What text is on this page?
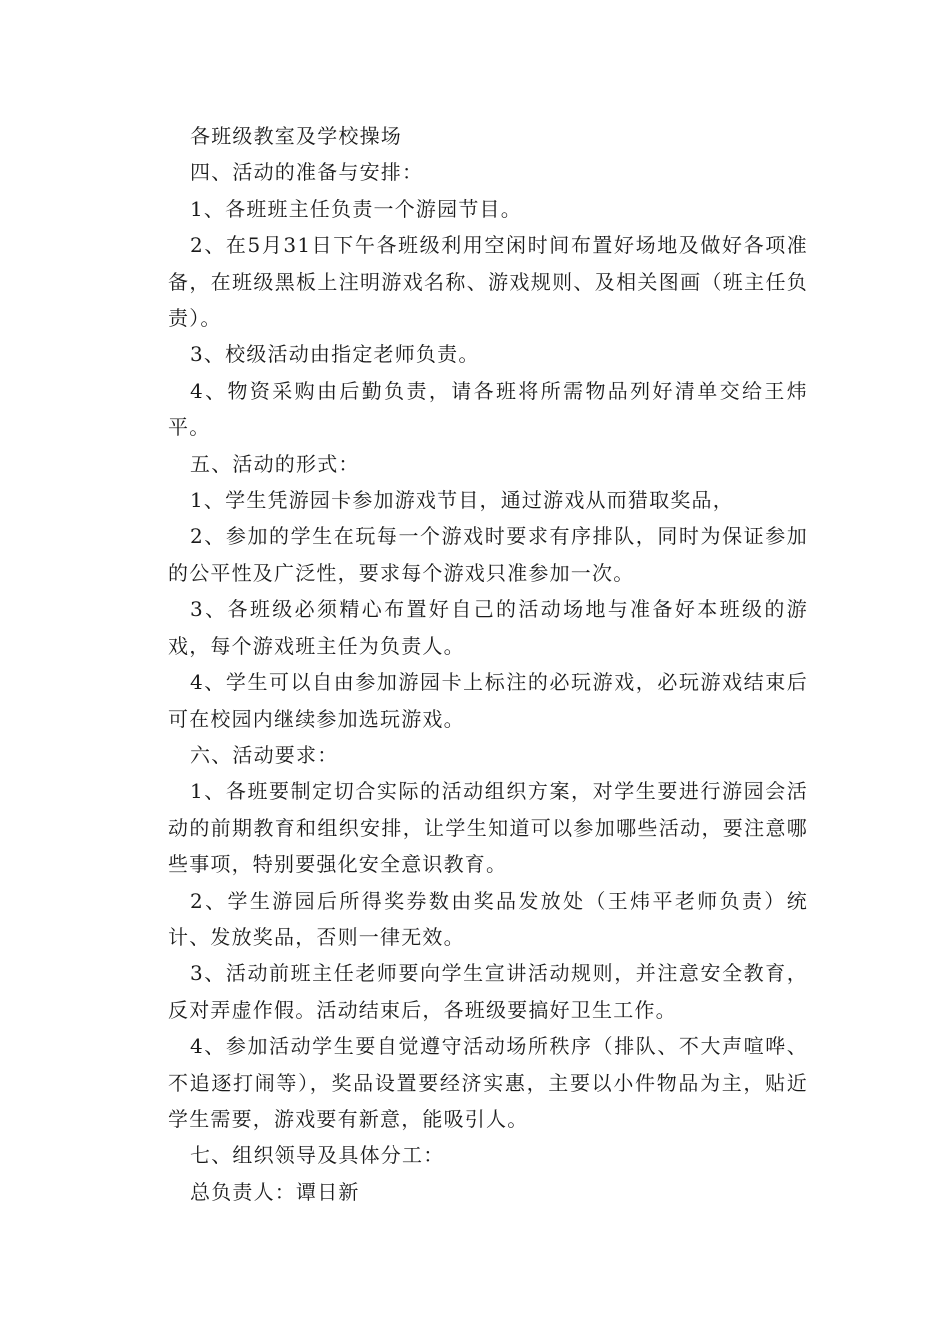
各班级教室及学校操场

四、活动的准备与安排：

1、各班班主任负责一个游园节目。

2、在5月31日下午各班级利用空闲时间布置好场地及做好各项准备，在班级黑板上注明游戏名称、游戏规则、及相关图画（班主任负责）。

3、校级活动由指定老师负责。

4、物资采购由后勤负责，请各班将所需物品列好清单交给王炜平。

五、活动的形式：

1、学生凭游园卡参加游戏节目，通过游戏从而猎取奖品，

2、参加的学生在玩每一个游戏时要求有序排队，同时为保证参加的公平性及广泛性，要求每个游戏只准参加一次。

3、各班级必须精心布置好自己的活动场地与准备好本班级的游戏，每个游戏班主任为负责人。

4、学生可以自由参加游园卡上标注的必玩游戏，必玩游戏结束后可在校园内继续参加选玩游戏。

六、活动要求：

1、各班要制定切合实际的活动组织方案，对学生要进行游园会活动的前期教育和组织安排，让学生知道可以参加哪些活动，要注意哪些事项，特别要强化安全意识教育。

2、学生游园后所得奖券数由奖品发放处（王炜平老师负责）统计、发放奖品，否则一律无效。

3、活动前班主任老师要向学生宣讲活动规则，并注意安全教育，反对弄虚作假。活动结束后，各班级要搞好卫生工作。

4、参加活动学生要自觉遵守活动场所秩序（排队、不大声喧哗、不追逐打闹等），奖品设置要经济实惠，主要以小件物品为主，贴近学生需要，游戏要有新意，能吸引人。

七、组织领导及具体分工：

总负责人：谭日新
